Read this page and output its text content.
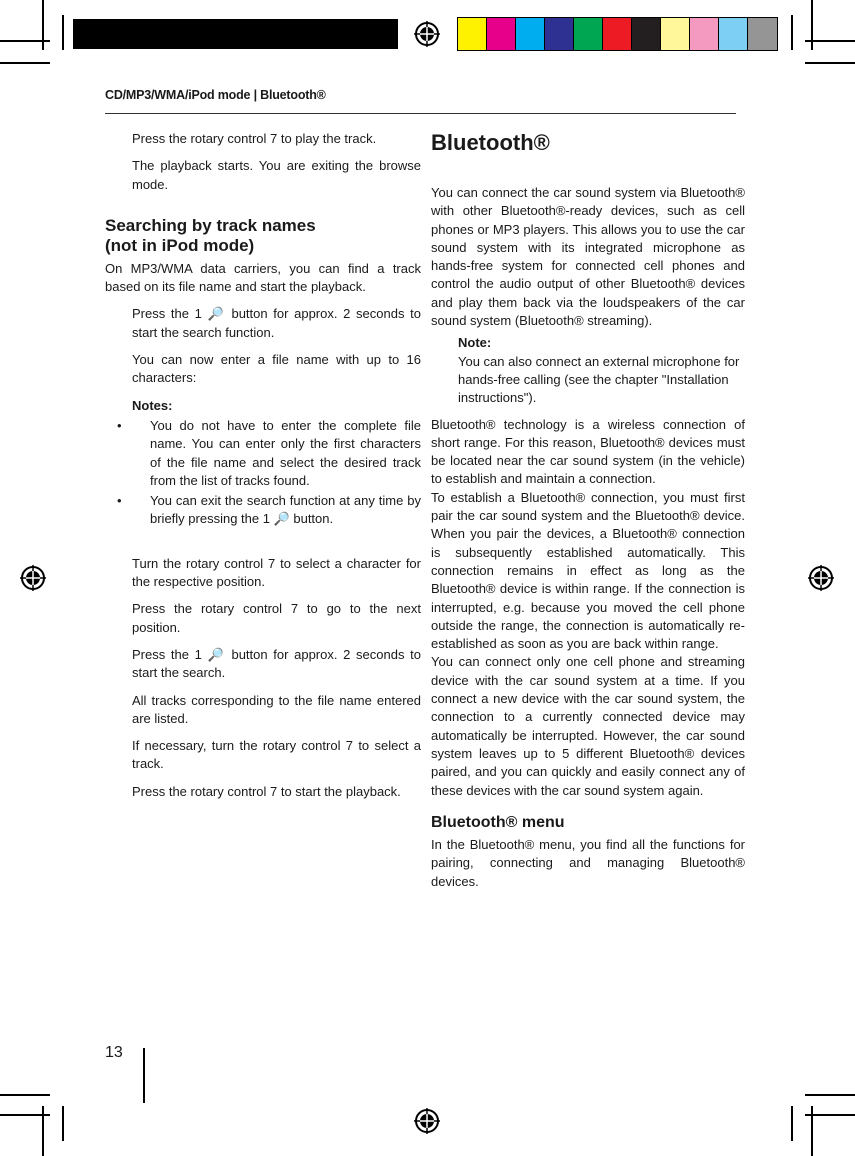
CD/MP3/WMA/iPod mode | Bluetooth®

Press the rotary control 7 to play the track.

The playback starts. You are exiting the browse mode.

Searching by track names
(not in iPod mode)

On MP3/WMA data carriers, you can find a track based on its file name and start the playback.

Press the 1 🔎 button for approx. 2 seconds to start the search function.

You can now enter a file name with up to 16 characters:

Notes:

• You do not have to enter the complete file name. You can enter only the first characters of the file name and select the desired track from the list of tracks found.
• You can exit the search function at any time by briefly pressing the 1 🔎 button.

Turn the rotary control 7 to select a character for the respective position.

Press the rotary control 7 to go to the next position.

Press the 1 🔎 button for approx. 2 seconds to start the search.

All tracks corresponding to the file name entered are listed.

If necessary, turn the rotary control 7 to select a track.

Press the rotary control 7 to start the playback.

Bluetooth®

You can connect the car sound system via Bluetooth® with other Bluetooth®-ready devices, such as cell phones or MP3 players. This allows you to use the car sound system with its integrated microphone as hands-free system for connected cell phones and control the audio output of other Bluetooth® devices and play them back via the loudspeakers of the car sound system (Bluetooth® streaming).

Note:

You can also connect an external microphone for hands-free calling (see the chapter "Installation instructions").

Bluetooth® technology is a wireless connection of short range. For this reason, Bluetooth® devices must be located near the car sound system (in the vehicle) to establish and maintain a connection.

To establish a Bluetooth® connection, you must first pair the car sound system and the Bluetooth® device. When you pair the devices, a Bluetooth® connection is subsequently established automatically. This connection remains in effect as long as the Bluetooth® device is within range. If the connection is interrupted, e.g. because you moved the cell phone outside the range, the connection is automatically re-established as soon as you are back within range.

You can connect only one cell phone and streaming device with the car sound system at a time. If you connect a new device with the car sound system, the connection to a currently connected device may automatically be interrupted. However, the car sound system leaves up to 5 different Bluetooth® devices paired, and you can quickly and easily connect any of these devices with the car sound system again.

Bluetooth® menu

In the Bluetooth® menu, you find all the functions for pairing, connecting and managing Bluetooth® devices.

13
